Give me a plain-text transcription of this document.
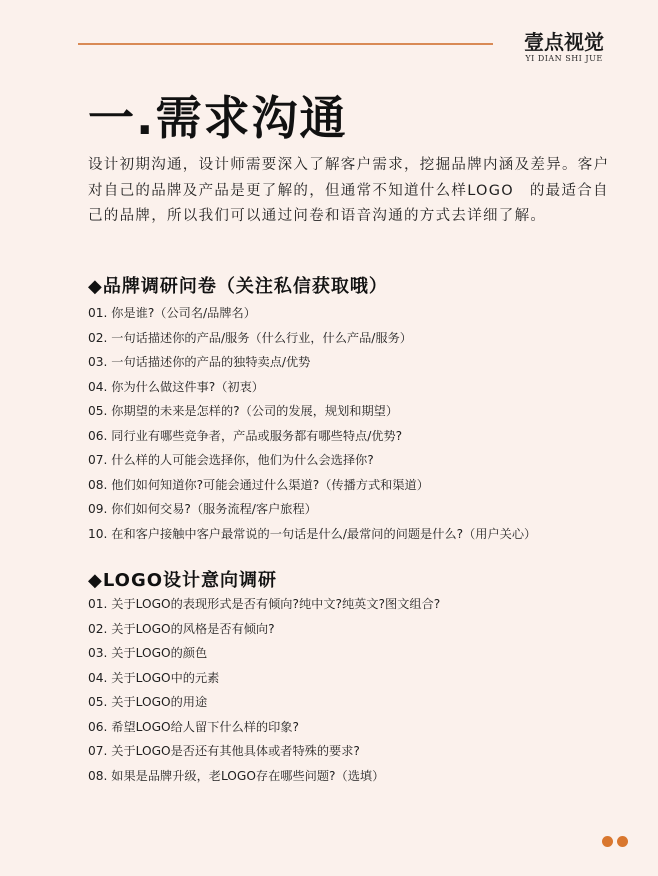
壹点视觉
YI DIAN SHI JUE
一.需求沟通

设计初期沟通，设计师需要深入了解客户需求，挖掘品牌内涵及差异。客户对自己的品牌及产品是更了解的，但通常不知道什么样LOGO　的最适合自己的品牌，所以我们可以通过问卷和语音沟通的方式去详细了解。

◆品牌调研问卷（关注私信获取哦）
01. 你是谁?（公司名/品牌名）
02. 一句话描述你的产品/服务（什么行业，什么产品/服务）
03. 一句话描述你的产品的独特卖点/优势
04. 你为什么做这件事?（初衷）
05. 你期望的未来是怎样的?（公司的发展，规划和期望）
06. 同行业有哪些竞争者，产品或服务都有哪些特点/优势?
07. 什么样的人可能会选择你，他们为什么会选择你?
08. 他们如何知道你?可能会通过什么渠道?（传播方式和渠道）
09. 你们如何交易?（服务流程/客户旅程）
10. 在和客户接触中客户最常说的一句话是什么/最常问的问题是什么?（用户关心）
◆LOGO设计意向调研
01. 关于LOGO的表现形式是否有倾向?纯中文?纯英文?图文组合?
02. 关于LOGO的风格是否有倾向?
03. 关于LOGO的颜色
04. 关于LOGO中的元素
05. 关于LOGO的用途
06. 希望LOGO给人留下什么样的印象?
07. 关于LOGO是否还有其他具体或者特殊的要求?
08. 如果是品牌升级，老LOGO存在哪些问题?（选填）
